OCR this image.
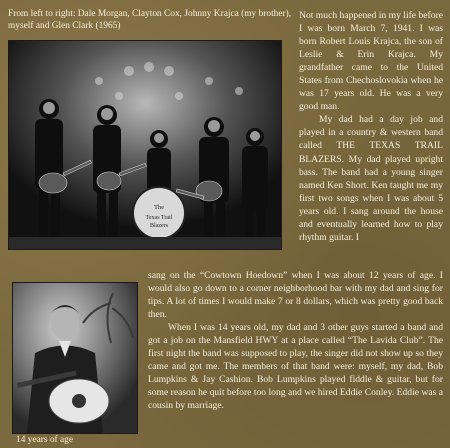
From left to right: Dale Morgan, Clayton Cox, Johnny Krajca (my brother), myself and Glen Clark (1965)
The
Texas Trail
Blazers
14 years of age

Not much happened in my life before I was born March 7, 1941. I was born Robert Louis Krajca, the son of Leslie & Erin Krajca. My grandfather came to the United States from Chechoslovokia when he was 17 years old. He was a very good man.

My dad had a day job and played in a country & western band called THE TEXAS TRAIL BLAZERS. My dad played upright bass. The band had a young singer named Ken Short. Ken taught me my first two songs when I was about 5 years old. I sang around the house and eventually learned how to play rhythm guitar. I

sang on the “Cowtown Hoedown” when I was about 12 years of age. I would also go down to a corner neighborhood bar with my dad and sing for tips. A lot of times I would make 7 or 8 dollars, which was pretty good back then.

When I was 14 years old, my dad and 3 other guys started a band and got a job on the Mansfield HWY at a place called “The Lavida Club”. The first night the band was supposed to play, the singer did not show up so they came and got me. The members of that band were: myself, my dad, Bob Lumpkins & Jay Cashion. Bob Lumpkins played fiddle & guitar, but for some reason he quit before too long and we hired Eddie Conley. Eddie was a cousin by marriage.
